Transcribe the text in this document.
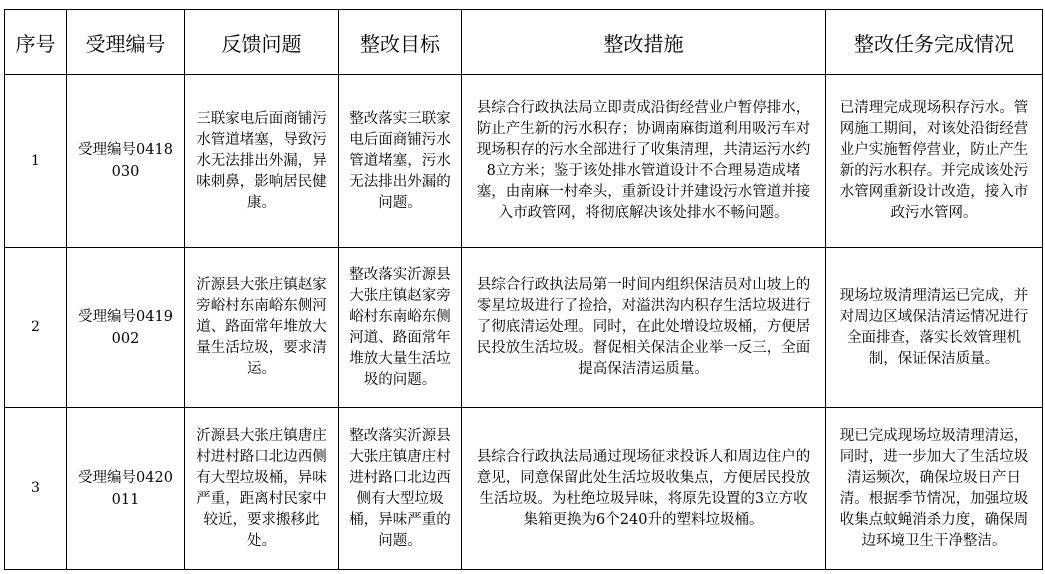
序号	受理编号	反馈问题	整改目标	整改措施	整改任务完成情况
1	受理编号0418030	三联家电后面商铺污水管道堵塞，导致污水无法排出外漏，异味刺鼻，影响居民健康。	整改落实三联家电后面商铺污水管道堵塞，污水无法排出外漏的问题。	县综合行政执法局立即责成沿街经营业户暂停排水，防止产生新的污水积存；协调南麻街道利用吸污车对现场积存的污水全部进行了收集清理，共清运污水约8立方米；鉴于该处排水管道设计不合理易造成堵塞，由南麻一村牵头，重新设计并建设污水管道并接入市政管网，将彻底解决该处排水不畅问题。	已清理完成现场积存污水。管网施工期间，对该处沿街经营业户实施暂停营业，防止产生新的污水积存。并完成该处污水管网重新设计改造，接入市政污水管网。
2	受理编号0419002	沂源县大张庄镇赵家旁峪村东南峪东侧河道、路面常年堆放大量生活垃圾，要求清运。	整改落实沂源县大张庄镇赵家旁峪村东南峪东侧河道、路面常年堆放大量生活垃圾的问题。	县综合行政执法局第一时间内组织保洁员对山坡上的零星垃圾进行了捡拾，对溢洪沟内积存生活垃圾进行了彻底清运处理。同时，在此处增设垃圾桶，方便居民投放生活垃圾。督促相关保洁企业举一反三，全面提高保洁清运质量。	现场垃圾清理清运已完成，并对周边区域保洁清运情况进行全面排查，落实长效管理机制，保证保洁质量。
3	受理编号0420011	沂源县大张庄镇唐庄村进村路口北边西侧有大型垃圾桶，异味严重，距离村民家中较近，要求搬移此处。	整改落实沂源县大张庄镇唐庄村进村路口北边西侧有大型垃圾桶，异味严重的问题。	县综合行政执法局通过现场征求投诉人和周边住户的意见，同意保留此处生活垃圾收集点，方便居民投放生活垃圾。为杜绝垃圾异味，将原先设置的3立方收集箱更换为6个240升的塑料垃圾桶。	现已完成现场垃圾清理清运，同时，进一步加大了生活垃圾清运频次，确保垃圾日产日清。根据季节情况，加强垃圾收集点蚊蝇消杀力度，确保周边环境卫生干净整洁。
